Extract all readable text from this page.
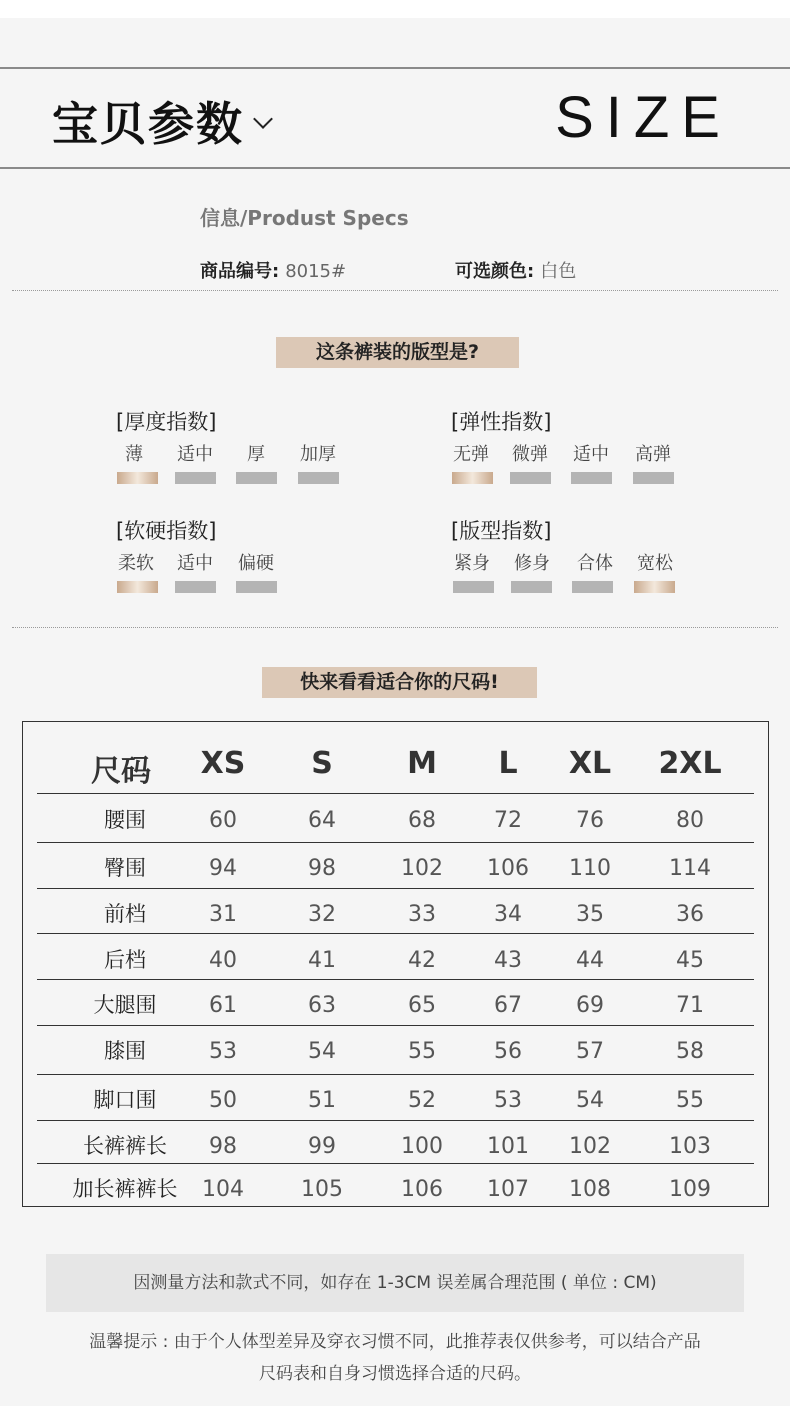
宝贝参数	SIZE
信息/Produst Specs
商品编号: 8015#	可选颜色: 白色
这条裤装的版型是?
[厚度指数]
薄	适中	厚	加厚
[弹性指数]
无弹	微弹	适中	高弹
[软硬指数]
柔软	适中	偏硬
[版型指数]
紧身	修身	合体	宽松
快来看看适合你的尺码!
尺码	XS	S	M	L	XL	2XL
腰围	60	64	68	72	76	80
臀围	94	98	102	106	110	114
前档	31	32	33	34	35	36
后档	40	41	42	43	44	45
大腿围	61	63	65	67	69	71
膝围	53	54	55	56	57	58
脚口围	50	51	52	53	54	55
长裤裤长	98	99	100	101	102	103
加长裤裤长	104	105	106	107	108	109
因测量方法和款式不同，如存在 1-3CM 误差属合理范围 ( 单位 : CM)
温馨提示 : 由于个人体型差异及穿衣习惯不同，此推荐表仅供参考，可以结合产品
尺码表和自身习惯选择合适的尺码。
